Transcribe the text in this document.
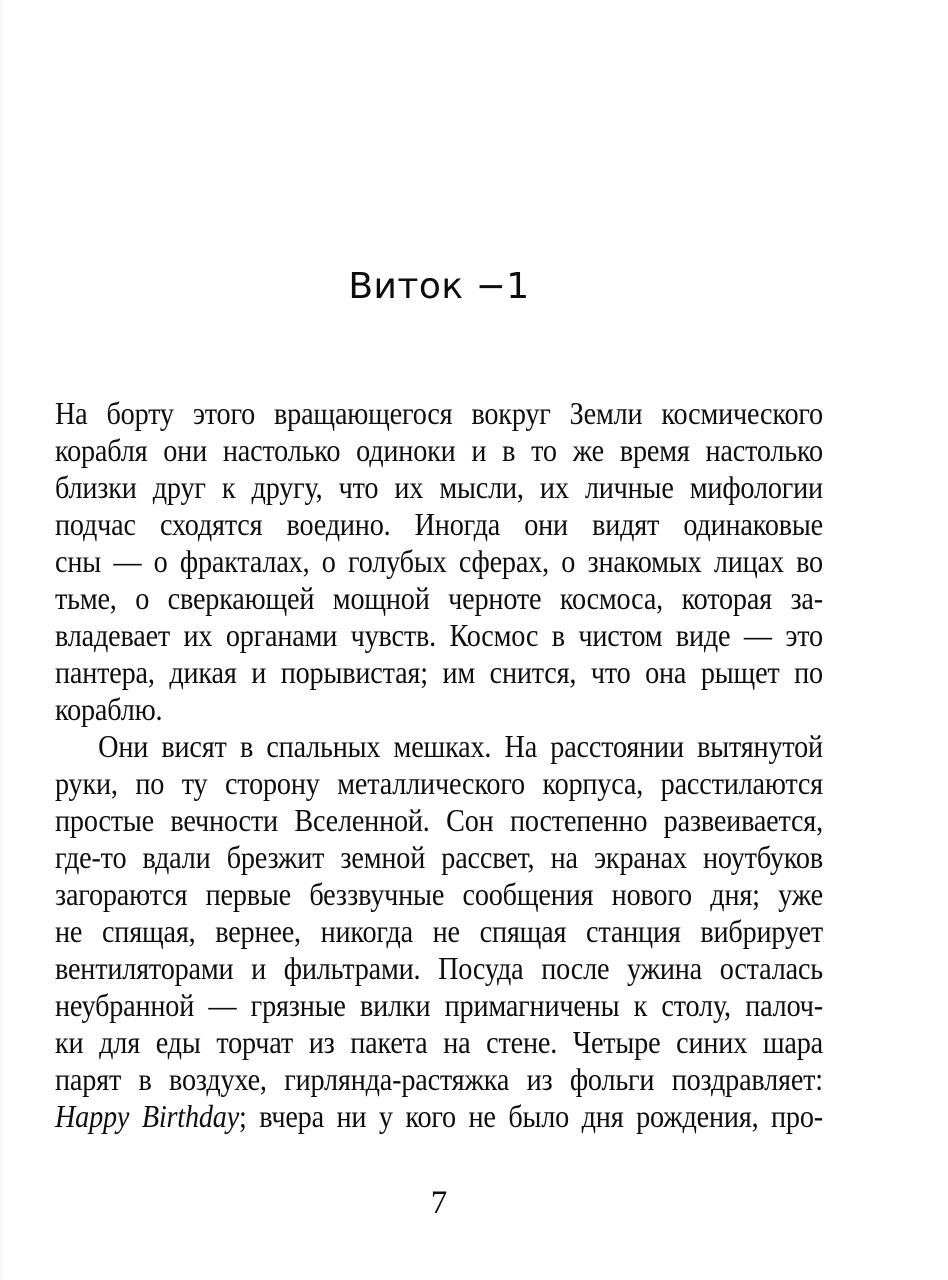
Виток −1
На борту этого вращающегося вокруг Земли космического
корабля они настолько одиноки и в то же время настолько
близки друг к другу, что их мысли, их личные мифологии
подчас сходятся воедино. Иногда они видят одинаковые
сны — о фракталах, о голубых сферах, о знакомых лицах во
тьме, о сверкающей мощной черноте космоса, которая за-
владевает их органами чувств. Космос в чистом виде — это
пантера, дикая и порывистая; им снится, что она рыщет по
кораблю.
Они висят в спальных мешках. На расстоянии вытянутой
руки, по ту сторону металлического корпуса, расстилаются
простые вечности Вселенной. Сон постепенно развеивается,
где-то вдали брезжит земной рассвет, на экранах ноутбуков
загораются первые беззвучные сообщения нового дня; уже
не спящая, вернее, никогда не спящая станция вибрирует
вентиляторами и фильтрами. Посуда после ужина осталась
неубранной — грязные вилки примагничены к столу, палоч-
ки для еды торчат из пакета на стене. Четыре синих шара
парят в воздухе, гирлянда-растяжка из фольги поздравляет:
Happy Birthday; вчера ни у кого не было дня рождения, про-
7
